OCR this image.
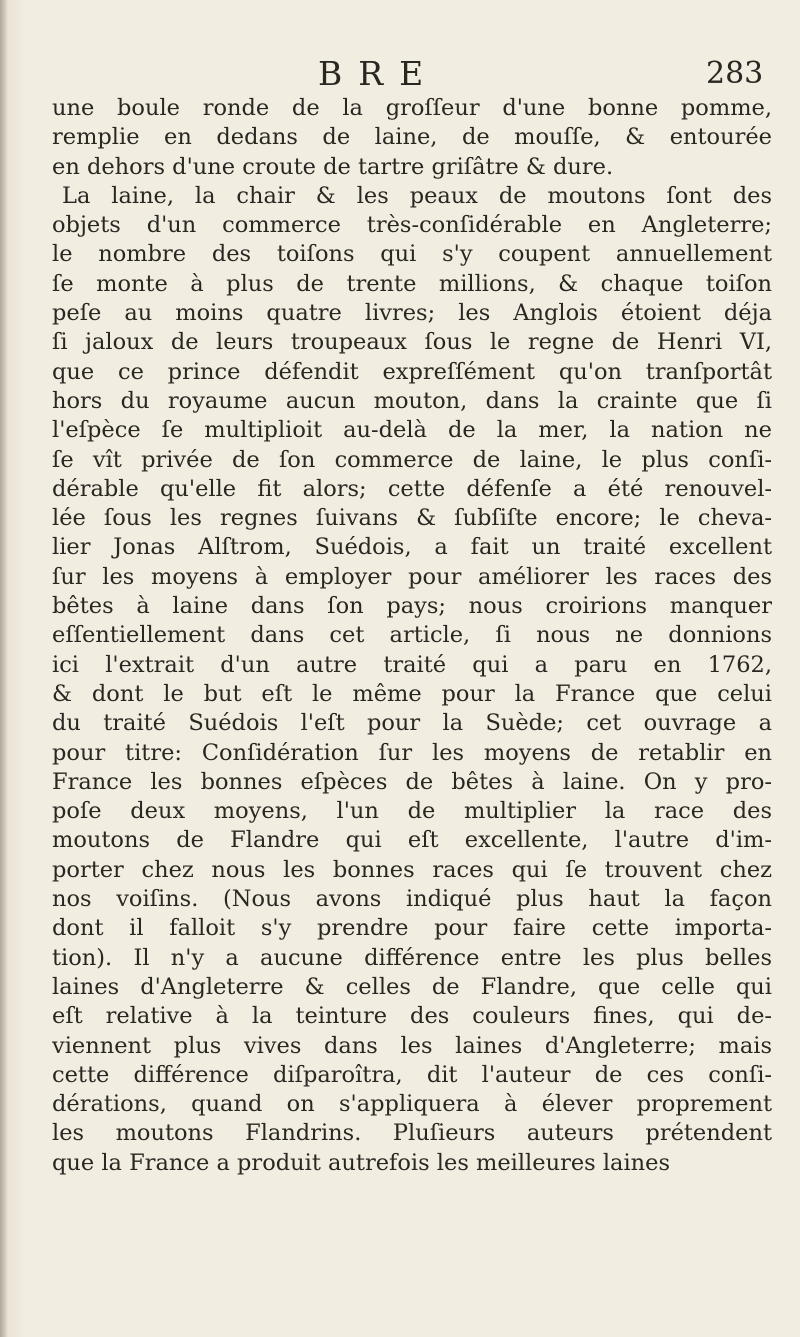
BRE	283
une boule ronde de la groſſeur d'une bonne pomme,
remplie en dedans de laine, de mouſſe, & entourée
en dehors d'une croute de tartre griſâtre & dure.
La laine, la chair & les peaux de moutons ſont des
objets d'un commerce très-conſidérable en Angleterre;
le nombre des toiſons qui s'y coupent annuellement
ſe monte à plus de trente millions, & chaque toiſon
peſe au moins quatre livres; les Anglois étoient déja
ſi jaloux de leurs troupeaux ſous le regne de Henri VI,
que ce prince défendit expreſſément qu'on tranſportât
hors du royaume aucun mouton, dans la crainte que ſi
l'eſpèce ſe multiplioit au-delà de la mer, la nation ne
ſe vît privée de ſon commerce de laine, le plus conſi-
dérable qu'elle fit alors; cette défenſe a été renouvel-
lée ſous les regnes ſuivans & ſubſiſte encore; le cheva-
lier Jonas Alſtrom, Suédois, a fait un traité excellent
ſur les moyens à employer pour améliorer les races des
bêtes à laine dans ſon pays; nous croirions manquer
eſſentiellement dans cet article, ſi nous ne donnions
ici l'extrait d'un autre traité qui a paru en 1762,
& dont le but eſt le même pour la France que celui
du traité Suédois l'eſt pour la Suède; cet ouvrage a
pour titre: Conſidération ſur les moyens de retablir en
France les bonnes eſpèces de bêtes à laine. On y pro-
poſe deux moyens, l'un de multiplier la race des
moutons de Flandre qui eſt excellente, l'autre d'im-
porter chez nous les bonnes races qui ſe trouvent chez
nos voiſins. (Nous avons indiqué plus haut la façon
dont il falloit s'y prendre pour faire cette importa-
tion). Il n'y a aucune différence entre les plus belles
laines d'Angleterre & celles de Flandre, que celle qui
eſt relative à la teinture des couleurs fines, qui de-
viennent plus vives dans les laines d'Angleterre; mais
cette différence diſparoîtra, dit l'auteur de ces conſi-
dérations, quand on s'appliquera à élever proprement
les moutons Flandrins. Pluſieurs auteurs prétendent
que la France a produit autrefois les meilleures laines
